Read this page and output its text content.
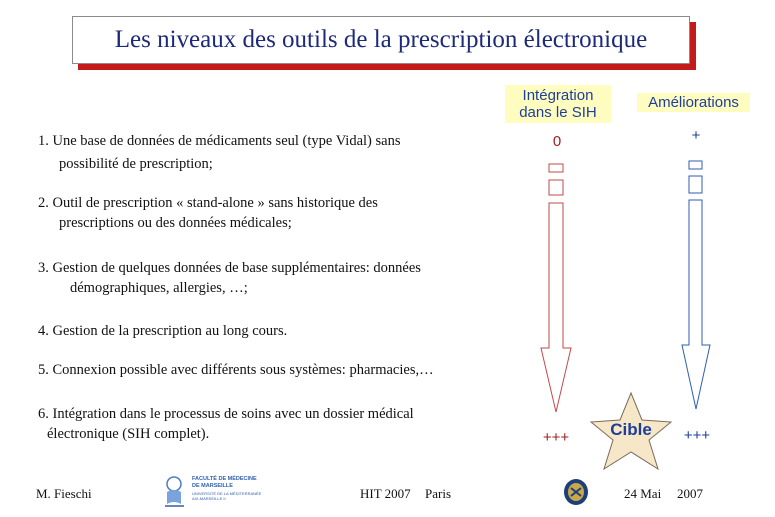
Les niveaux des outils de la prescription électronique
Intégration
dans le SIH
Améliorations
1. Une base de données de médicaments seul (type Vidal) sans
possibilité de prescription;
2. Outil de prescription « stand-alone » sans historique des
prescriptions ou des données médicales;
3. Gestion de quelques données de base supplémentaires: données
démographiques, allergies, …;
4. Gestion de la prescription au long cours.
5. Connexion possible avec différents sous systèmes: pharmacies,…
6. Intégration dans le processus de soins avec un dossier médical
électronique (SIH complet).
0	+
+++	+++
Cible
M. Fieschi
FACULTÉ DE MÉDECINE
DE MARSEILLE
UNIVERSITÉ DE LA MÉDITERRANÉE
AIX-MARSEILLE II	HIT 2007 Paris	24 Mai 2007
